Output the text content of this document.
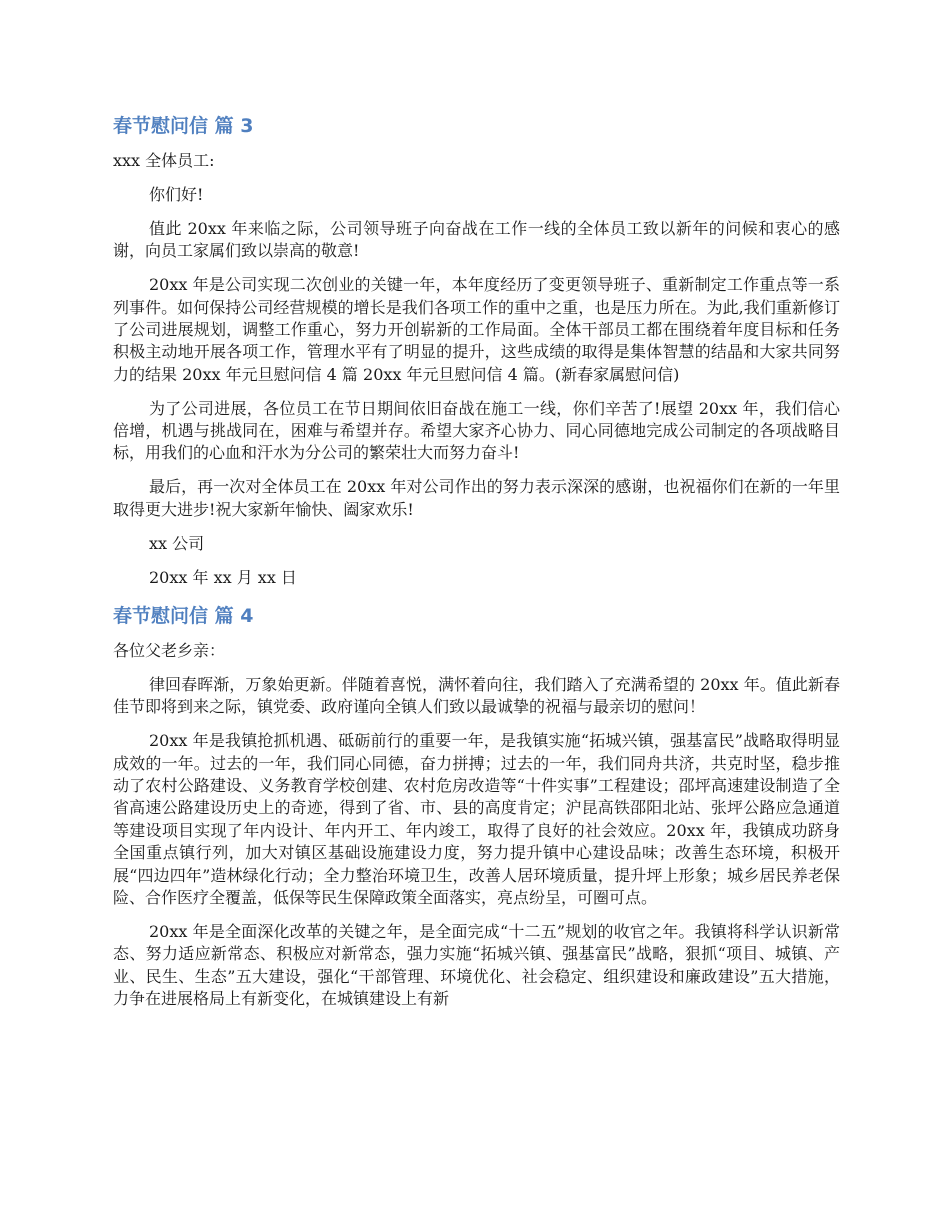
春节慰问信 篇 3

xxx 全体员工:

你们好!

值此 20xx 年来临之际，公司领导班子向奋战在工作一线的全体员工致以新年的问候和衷心的感谢，向员工家属们致以崇高的敬意!

20xx 年是公司实现二次创业的关键一年，本年度经历了变更领导班子、重新制定工作重点等一系列事件。如何保持公司经营规模的增长是我们各项工作的重中之重，也是压力所在。为此,我们重新修订了公司进展规划，调整工作重心，努力开创崭新的工作局面。全体干部员工都在围绕着年度目标和任务积极主动地开展各项工作，管理水平有了明显的提升，这些成绩的取得是集体智慧的结晶和大家共同努力的结果 20xx 年元旦慰问信 4 篇 20xx 年元旦慰问信 4 篇。(新春家属慰问信)

为了公司进展，各位员工在节日期间依旧奋战在施工一线，你们辛苦了!展望 20xx 年，我们信心倍增，机遇与挑战同在，困难与希望并存。希望大家齐心协力、同心同德地完成公司制定的各项战略目标，用我们的心血和汗水为分公司的繁荣壮大而努力奋斗!

最后，再一次对全体员工在 20xx 年对公司作出的努力表示深深的感谢，也祝福你们在新的一年里取得更大进步!祝大家新年愉快、阖家欢乐!

xx 公司

20xx 年 xx 月 xx 日

春节慰问信 篇 4

各位父老乡亲：

律回春晖渐，万象始更新。伴随着喜悦，满怀着向往，我们踏入了充满希望的 20xx 年。值此新春佳节即将到来之际，镇党委、政府谨向全镇人们致以最诚挚的祝福与最亲切的慰问！

20xx 年是我镇抢抓机遇、砥砺前行的重要一年，是我镇实施“拓城兴镇，强基富民”战略取得明显成效的一年。过去的一年，我们同心同德，奋力拼搏；过去的一年，我们同舟共济，共克时坚，稳步推动了农村公路建设、义务教育学校创建、农村危房改造等“十件实事”工程建设；邵坪高速建设制造了全省高速公路建设历史上的奇迹，得到了省、市、县的高度肯定；沪昆高铁邵阳北站、张坪公路应急通道等建设项目实现了年内设计、年内开工、年内竣工，取得了良好的社会效应。20xx 年，我镇成功跻身全国重点镇行列，加大对镇区基础设施建设力度，努力提升镇中心建设品味；改善生态环境，积极开展“四边四年”造林绿化行动；全力整治环境卫生，改善人居环境质量，提升坪上形象；城乡居民养老保险、合作医疗全覆盖，低保等民生保障政策全面落实，亮点纷呈，可圈可点。

20xx 年是全面深化改革的关键之年，是全面完成“十二五”规划的收官之年。我镇将科学认识新常态、努力适应新常态、积极应对新常态，强力实施“拓城兴镇、强基富民”战略，狠抓“项目、城镇、产业、民生、生态”五大建设，强化“干部管理、环境优化、社会稳定、组织建设和廉政建设”五大措施，力争在进展格局上有新变化，在城镇建设上有新
